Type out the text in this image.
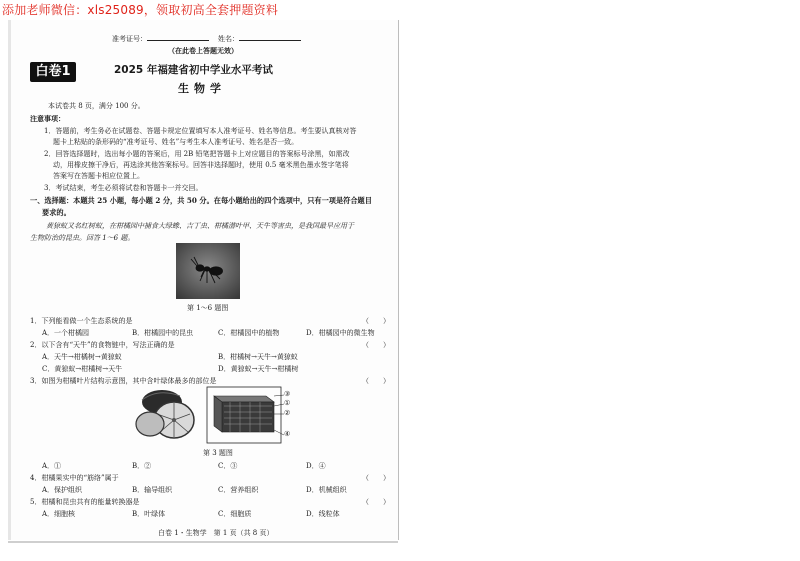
添加老师微信：xls25089，领取初高全套押题资料
准考证号：	姓名：
（在此卷上答题无效）
白卷1	2025 年福建省初中学业水平考试
生物学
本试卷共 8 页，满分 100 分。
注意事项：
1．答题前，考生务必在试题卷、答题卡规定位置填写本人准考证号、姓名等信息。考生要认真核对答
题卡上粘贴的条形码的“准考证号、姓名”与考生本人准考证号、姓名是否一致。
2．回答选择题时，选出每小题的答案后，用 2B 铅笔把答题卡上对应题目的答案标号涂黑，如需改
动，用橡皮擦干净后，再选涂其他答案标号。回答非选择题时，使用 0.5 毫米黑色墨水签字笔将
答案写在答题卡相应位置上。
3．考试结束，考生必须将试卷和答题卡一并交回。
一、选择题：本题共 25 小题，每小题 2 分，共 50 分。在每小题给出的四个选项中，只有一项是符合题目
要求的。
黄猄蚁又名红树蚁，在柑橘园中捕食大绿蟓、吉丁虫、柑橘潜叶甲、天牛等害虫，是我国最早应用于
生物防治的昆虫。回答 1～6 题。
第 1～6 题图
1．下列能看做一个生态系统的是	（　　）
A．一个柑橘园	B．柑橘园中的昆虫	C．柑橘园中的植物	D．柑橘园中的微生物
2．以下含有“天牛”的食物链中，写法正确的是	（　　）
A．天牛→柑橘树→黄猄蚁	B．柑橘树→天牛→黄猄蚁
C．黄猄蚁→柑橘树→天牛	D．黄猄蚁→天牛→柑橘树
3．如图为柑橘叶片结构示意图，其中含叶绿体最多的部位是	（　　）
③
①
②
④
第 3 题图
A．①	B．②	C．③	D．④
4．柑橘果实中的“筋络”属于	（　　）
A．保护组织	B．输导组织	C．营养组织	D．机械组织
5．柑橘和昆虫共有的能量转换器是	（　　）
A．细胞核	B．叶绿体	C．细胞质	D．线粒体
白卷 1・生物学　第 1 页（共 8 页）
